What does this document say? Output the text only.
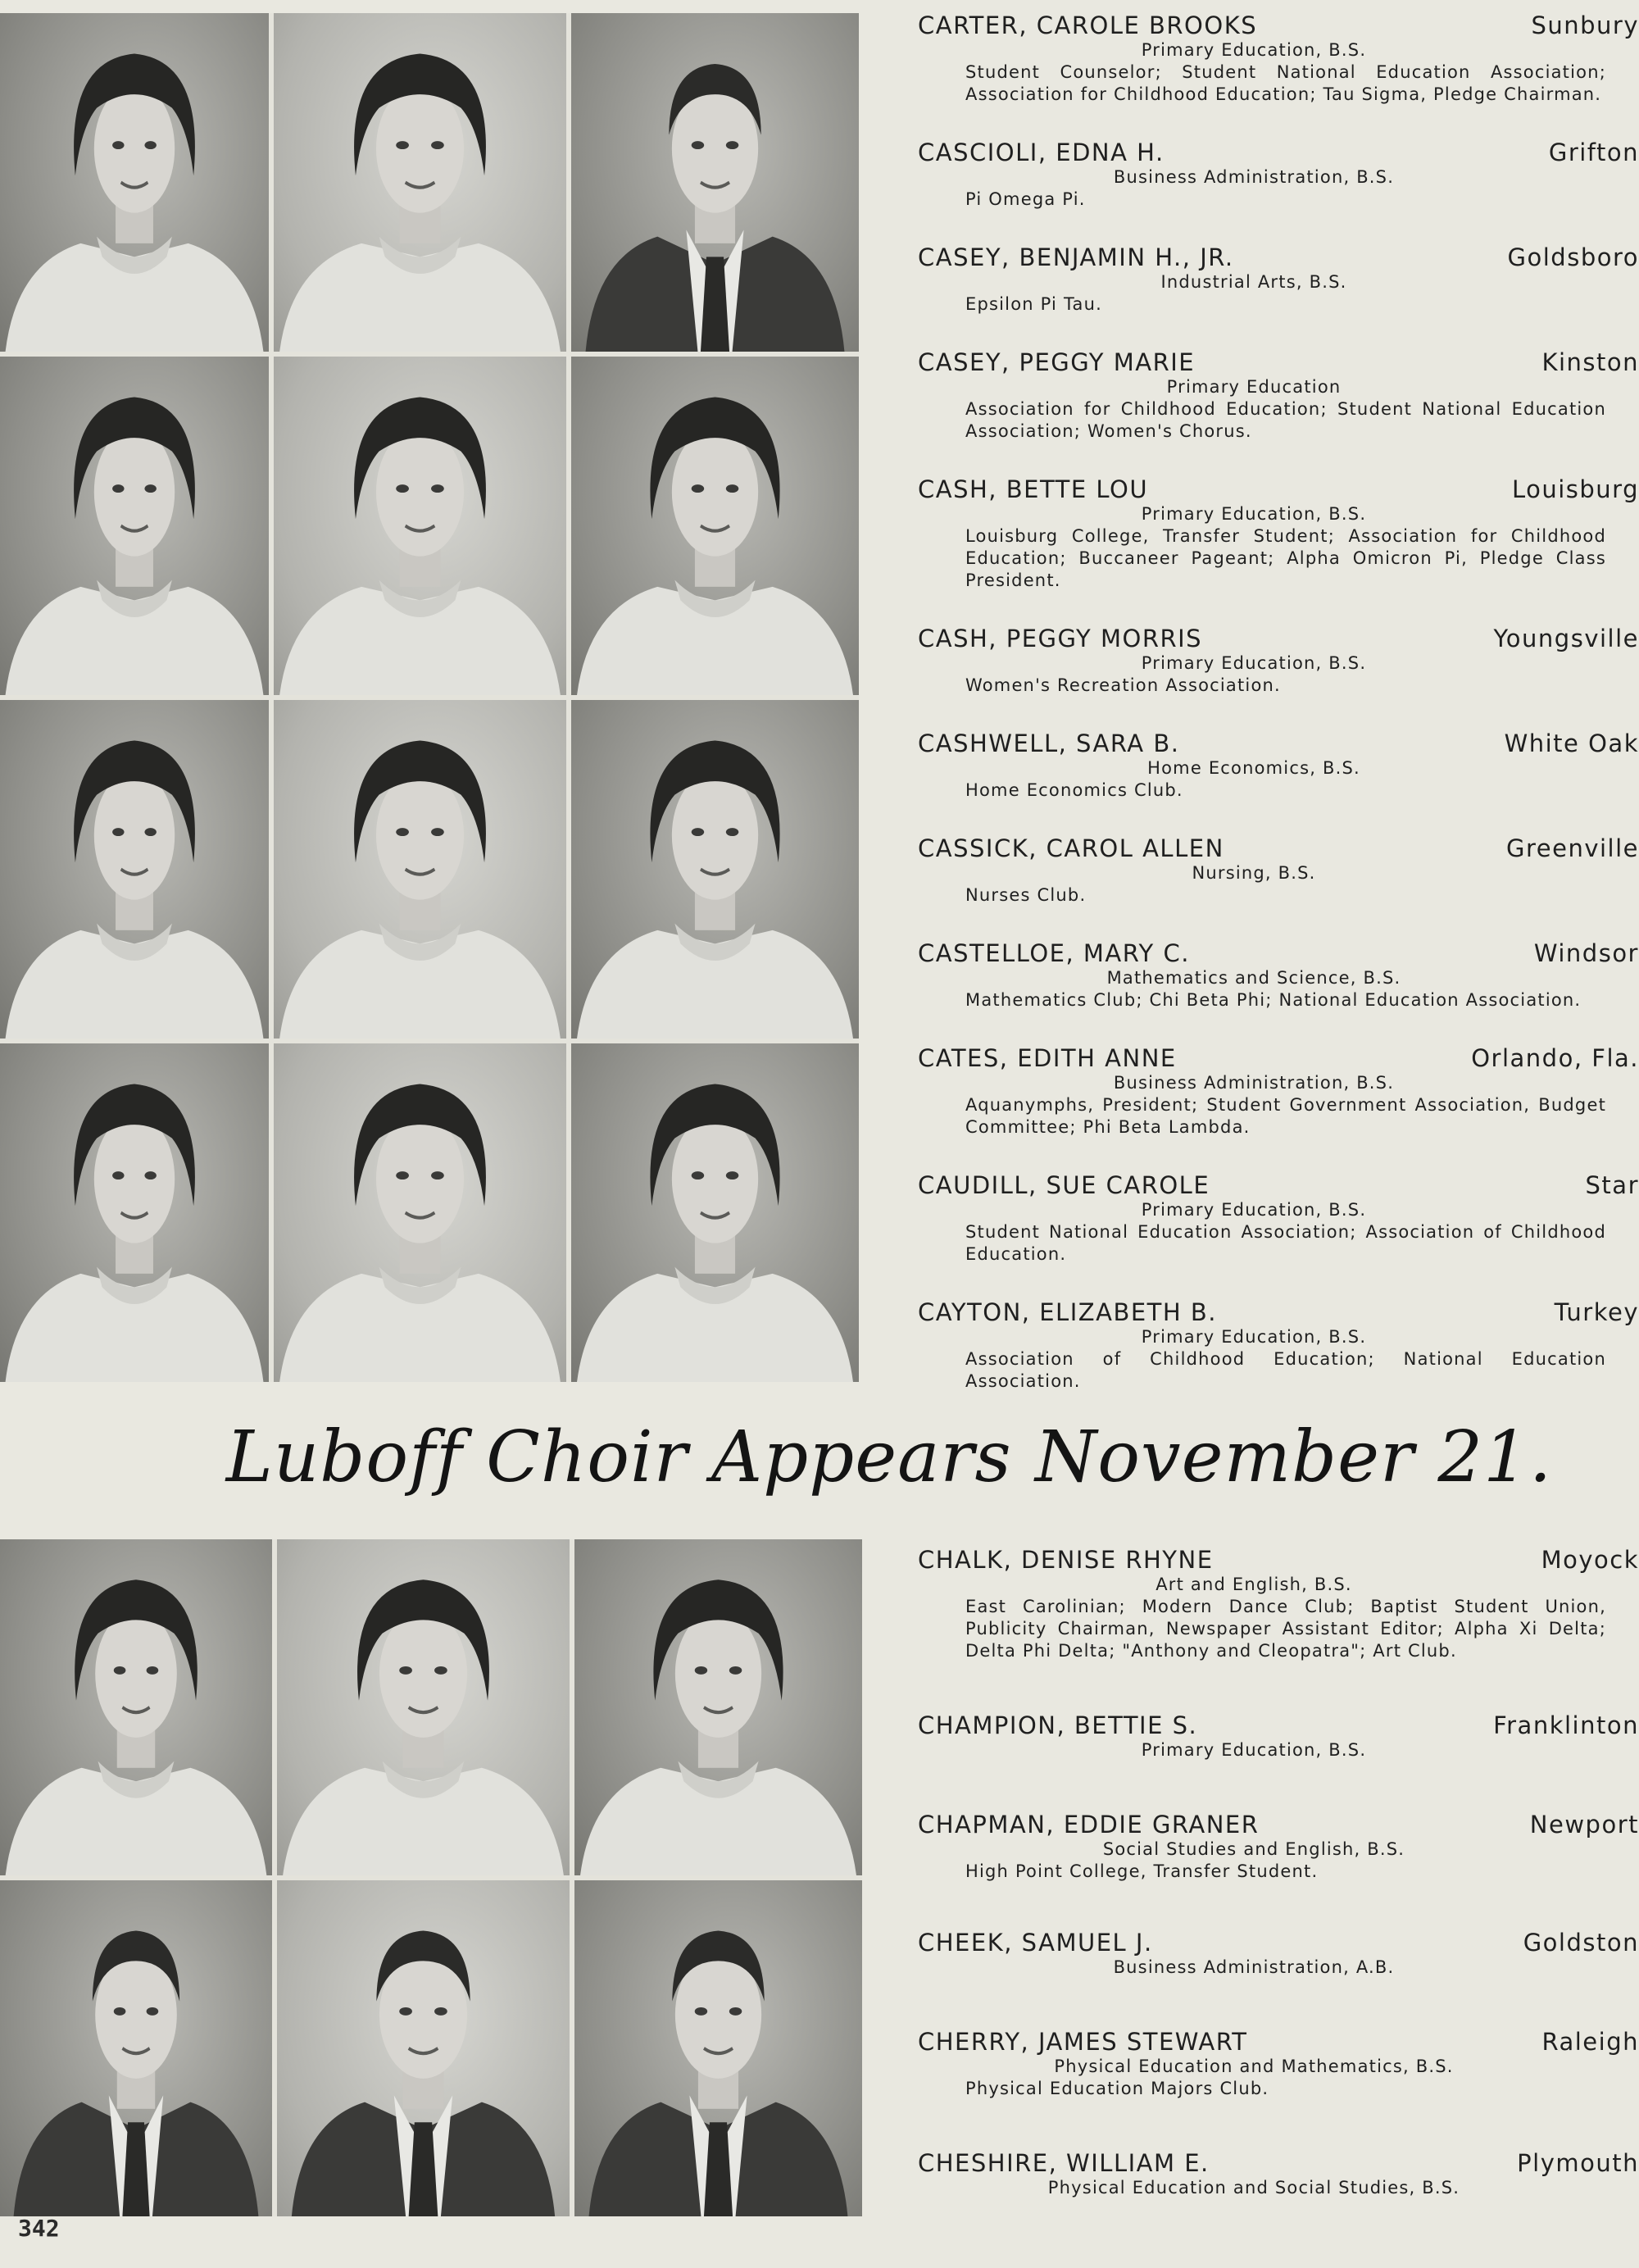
CARTER, CAROLE BROOKS	Sunbury
Primary Education, B.S.
Student Counselor; Student National Education Association; Association for Childhood Education; Tau Sigma, Pledge Chairman.
CASCIOLI, EDNA H.	Grifton
Business Administration, B.S.
Pi Omega Pi.
CASEY, BENJAMIN H., JR.	Goldsboro
Industrial Arts, B.S.
Epsilon Pi Tau.
CASEY, PEGGY MARIE	Kinston
Primary Education
Association for Childhood Education; Student National Education Association; Women's Chorus.
CASH, BETTE LOU	Louisburg
Primary Education, B.S.
Louisburg College, Transfer Student; Association for Childhood Education; Buccaneer Pageant; Alpha Omicron Pi, Pledge Class President.
CASH, PEGGY MORRIS	Youngsville
Primary Education, B.S.
Women's Recreation Association.
CASHWELL, SARA B.	White Oak
Home Economics, B.S.
Home Economics Club.
CASSICK, CAROL ALLEN	Greenville
Nursing, B.S.
Nurses Club.
CASTELLOE, MARY C.	Windsor
Mathematics and Science, B.S.
Mathematics Club; Chi Beta Phi; National Education Association.
CATES, EDITH ANNE	Orlando, Fla.
Business Administration, B.S.
Aquanymphs, President; Student Government Association, Budget Committee; Phi Beta Lambda.
CAUDILL, SUE CAROLE	Star
Primary Education, B.S.
Student National Education Association; Association of Childhood Education.
CAYTON, ELIZABETH B.	Turkey
Primary Education, B.S.
Association of Childhood Education; National Education Association.
Luboff Choir Appears November 21.
CHALK, DENISE RHYNE	Moyock
Art and English, B.S.
East Carolinian; Modern Dance Club; Baptist Student Union, Publicity Chairman, Newspaper Assistant Editor; Alpha Xi Delta; Delta Phi Delta; "Anthony and Cleopatra"; Art Club.
CHAMPION, BETTIE S.	Franklinton
Primary Education, B.S.
CHAPMAN, EDDIE GRANER	Newport
Social Studies and English, B.S.
High Point College, Transfer Student.
CHEEK, SAMUEL J.	Goldston
Business Administration, A.B.
CHERRY, JAMES STEWART	Raleigh
Physical Education and Mathematics, B.S.
Physical Education Majors Club.
CHESHIRE, WILLIAM E.	Plymouth
Physical Education and Social Studies, B.S.
342
